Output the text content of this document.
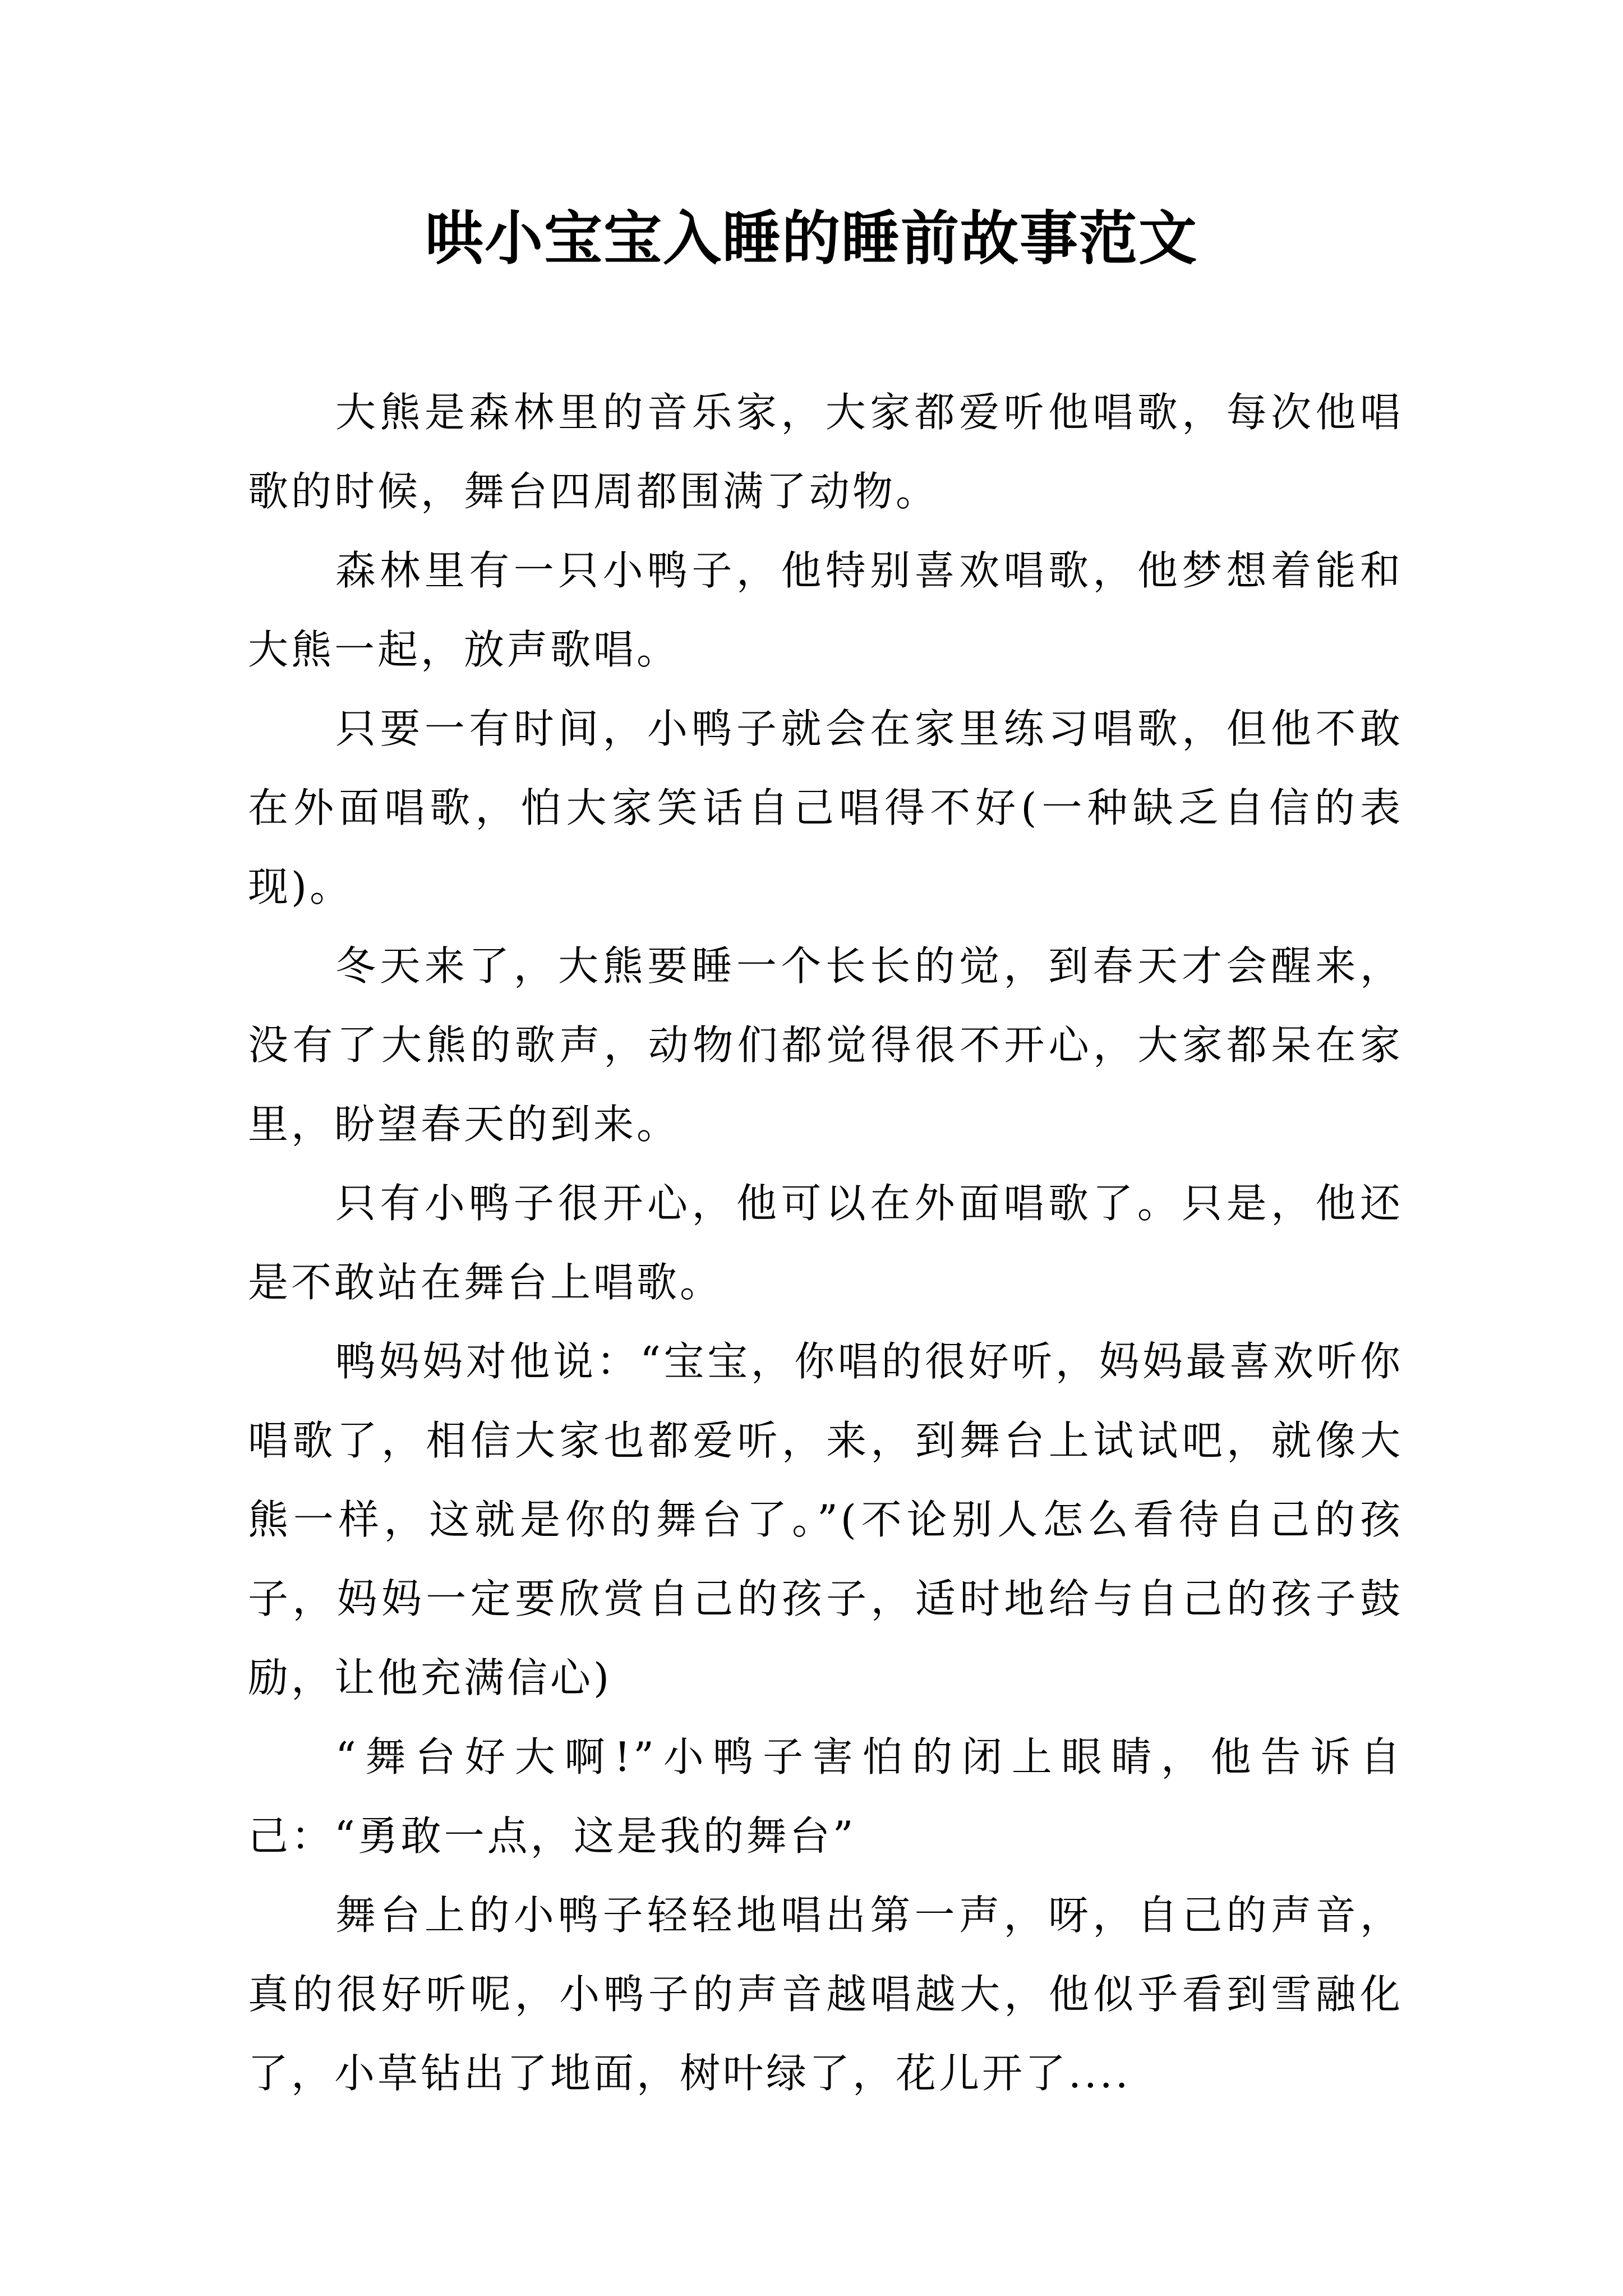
哄小宝宝入睡的睡前故事范文

大熊是森林里的音乐家，大家都爱听他唱歌，每次他唱歌的时候，舞台四周都围满了动物。

森林里有一只小鸭子，他特别喜欢唱歌，他梦想着能和大熊一起，放声歌唱。

只要一有时间，小鸭子就会在家里练习唱歌，但他不敢在外面唱歌，怕大家笑话自己唱得不好(一种缺乏自信的表现)。

冬天来了，大熊要睡一个长长的觉，到春天才会醒来，没有了大熊的歌声，动物们都觉得很不开心，大家都呆在家里，盼望春天的到来。

只有小鸭子很开心，他可以在外面唱歌了。只是，他还是不敢站在舞台上唱歌。

鸭妈妈对他说：“宝宝，你唱的很好听，妈妈最喜欢听你唱歌了，相信大家也都爱听，来，到舞台上试试吧，就像大熊一样，这就是你的舞台了。”(不论别人怎么看待自己的孩子，妈妈一定要欣赏自己的孩子，适时地给与自己的孩子鼓励，让他充满信心)

“舞台好大啊!”小鸭子害怕的闭上眼睛，他告诉自己：“勇敢一点，这是我的舞台”

舞台上的小鸭子轻轻地唱出第一声，呀，自己的声音，真的很好听呢，小鸭子的声音越唱越大，他似乎看到雪融化了，小草钻出了地面，树叶绿了，花儿开了....
